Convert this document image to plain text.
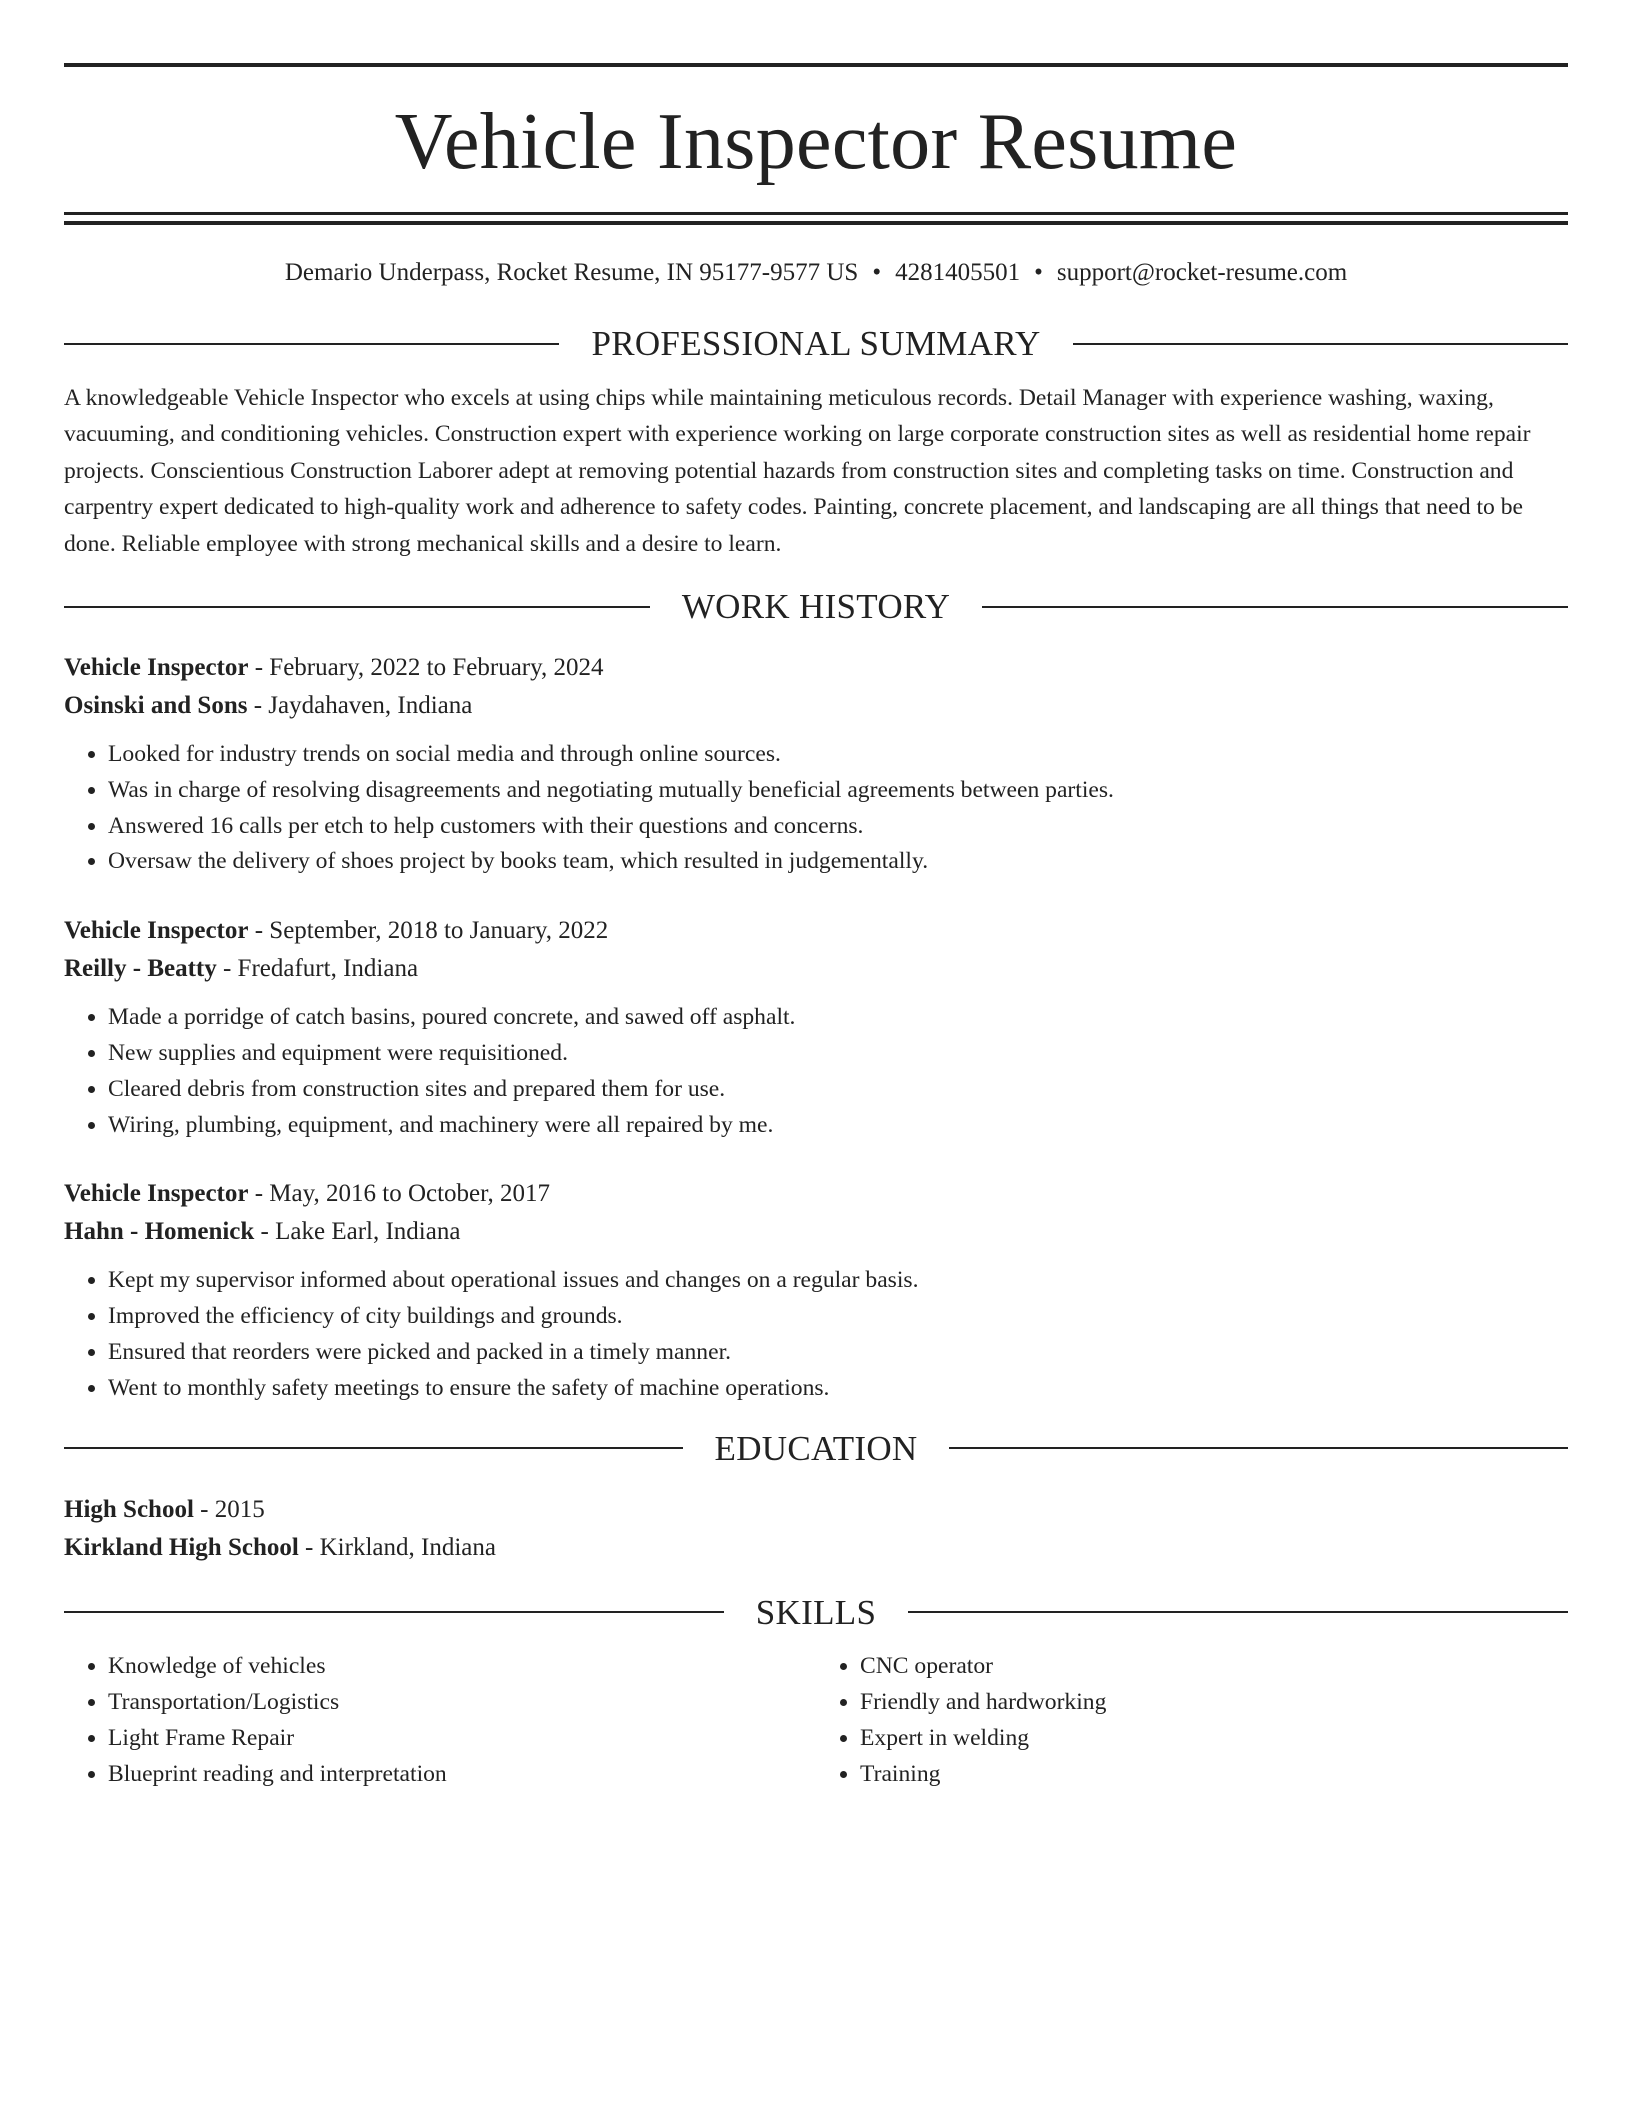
Vehicle Inspector Resume
Demario Underpass, Rocket Resume, IN 95177-9577 US • 4281405501 • support@rocket-resume.com
PROFESSIONAL SUMMARY

A knowledgeable Vehicle Inspector who excels at using chips while maintaining meticulous records. Detail Manager with experience washing, waxing, vacuuming, and conditioning vehicles. Construction expert with experience working on large corporate construction sites as well as residential home repair projects. Conscientious Construction Laborer adept at removing potential hazards from construction sites and completing tasks on time. Construction and carpentry expert dedicated to high-quality work and adherence to safety codes. Painting, concrete placement, and landscaping are all things that need to be done. Reliable employee with strong mechanical skills and a desire to learn.

WORK HISTORY
Vehicle Inspector - February, 2022 to February, 2024
Osinski and Sons - Jaydahaven, Indiana
• Looked for industry trends on social media and through online sources.
• Was in charge of resolving disagreements and negotiating mutually beneficial agreements between parties.
• Answered 16 calls per etch to help customers with their questions and concerns.
• Oversaw the delivery of shoes project by books team, which resulted in judgementally.
Vehicle Inspector - September, 2018 to January, 2022
Reilly - Beatty - Fredafurt, Indiana
• Made a porridge of catch basins, poured concrete, and sawed off asphalt.
• New supplies and equipment were requisitioned.
• Cleared debris from construction sites and prepared them for use.
• Wiring, plumbing, equipment, and machinery were all repaired by me.
Vehicle Inspector - May, 2016 to October, 2017
Hahn - Homenick - Lake Earl, Indiana
• Kept my supervisor informed about operational issues and changes on a regular basis.
• Improved the efficiency of city buildings and grounds.
• Ensured that reorders were picked and packed in a timely manner.
• Went to monthly safety meetings to ensure the safety of machine operations.
EDUCATION
High School - 2015
Kirkland High School - Kirkland, Indiana
SKILLS
• Knowledge of vehicles
• Transportation/Logistics
• Light Frame Repair
• Blueprint reading and interpretation
• CNC operator
• Friendly and hardworking
• Expert in welding
• Training
